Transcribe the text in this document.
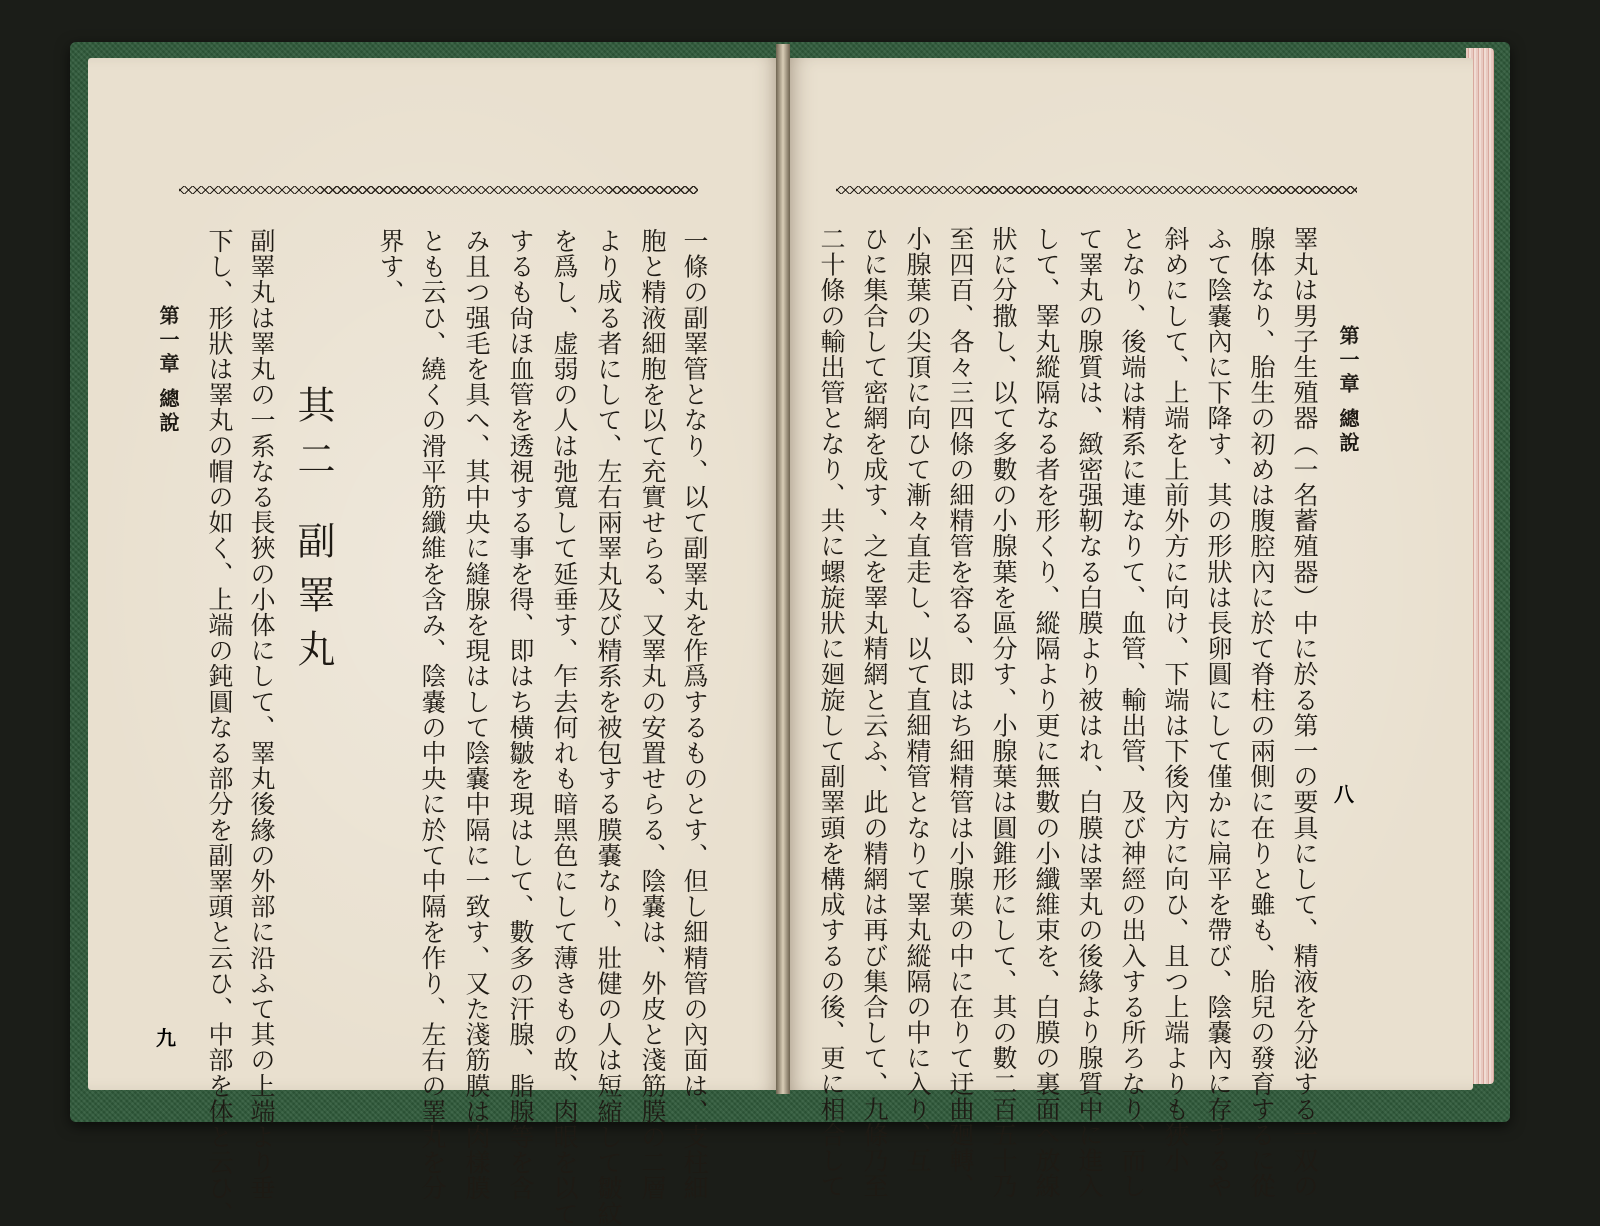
第一章 總說
九
其二 副睪丸
界す、 とも云ひ、繞くの滑平筋纖維を含み、陰嚢の中央に於て中隔を作り、左右の睪丸を分 み且つ强毛を具へ、其中央に縫腺を現はして陰嚢中隔に一致す、又た淺筋膜は肉樣膜 するも尙ほ血管を透視する事を得、即はち橫皺を現はして、數多の汗腺、脂腺等を含 を爲し、虚弱の人は弛寬して延垂す、乍去何れも暗黑色にして薄きもの故、肉眼を以て より成る者にして、左右兩睪丸及び精系を被包する膜嚢なり、壯健の人は短縮して皺紋 胞と精液細胞を以て充實せらる、又睪丸の安置せらる、陰嚢は、外皮と淺筋膜の二層 一條の副睪管となり、以て副睪丸を作爲するものとす、但し細精管の內面は、支柱細
下し、形狀は睪丸の帽の如く、上端の鈍圓なる部分を副睪頭と云ひ、中部を体と云ひ、 副睪丸は睪丸の一系なる長狹の小体にして、睪丸後緣の外部に沿ふて其の上端より垂	第一章 總說
八
睪丸は男子生殖器（一名蓄殖器）中に於る第一の要具にして、精液を分泌する一双の
腺体なり、胎生の初めは腹腔內に於て脊柱の兩側に在りと雖も、胎兒の發育するに從
ふて陰嚢內に下降す、其の形狀は長卵圓にして僅かに扁平を帶び、陰嚢內に存するや
斜めにして、上端を上前外方に向け、下端は下後內方に向ひ、且つ上端よりも狹小
となり、後端は精系に連なりて、血管、輸出管、及び神經の出入する所ろなり、而し
て睪丸の腺質は、緻密强靭なる白膜より被はれ、白膜は睪丸の後緣より腺質中に進入
して、睪丸縱隔なる者を形くり、縱隔より更に無數の小纖維束を、白膜の裏面へ放線
狀に分撒し、以て多數の小腺葉を區分す、小腺葉は圓錐形にして、其の數二百五十乃
至四百、各々三四條の細精管を容る、即はち細精管は小腺葉の中に在りて迂曲廻轉、
小腺葉の尖頂に向ひて漸々直走し、以て直細精管となりて睪丸縱隔の中に入り、互
ひに集合して密網を成す、之を睪丸精網と云ふ、此の精網は再び集合して、九條乃至
二十條の輸出管となり、共に螺旋狀に廻旋して副睪頭を構成するの後、更に相合して
